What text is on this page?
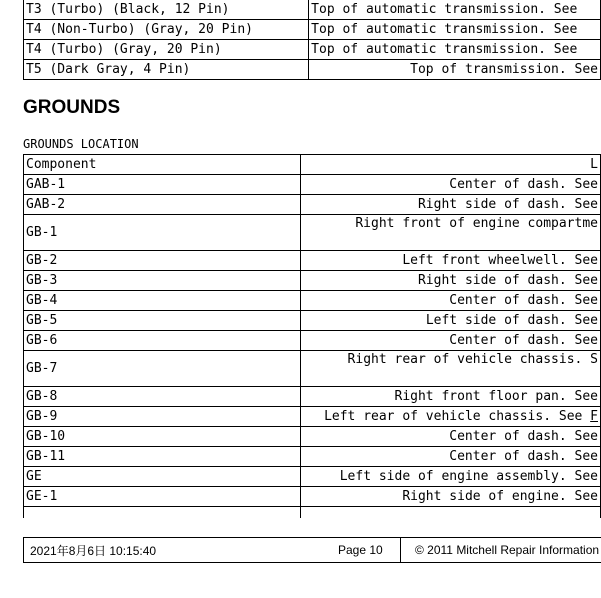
T3 (Turbo) (Black, 12 Pin)	Top of automatic transmission. See
T4 (Non-Turbo) (Gray, 20 Pin)	Top of automatic transmission. See
T4 (Turbo) (Gray, 20 Pin)	Top of automatic transmission. See
T5 (Dark Gray, 4 Pin)	Top of transmission. See
GROUNDS
GROUNDS LOCATION
Component	L
GAB-1	Center of dash. See
GAB-2	Right side of dash. See
GB-1	Right front of engine compartme
GB-2	Left front wheelwell. See
GB-3	Right side of dash. See
GB-4	Center of dash. See
GB-5	Left side of dash. See
GB-6	Center of dash. See
GB-7	Right rear of vehicle chassis. S
GB-8	Right front floor pan. See
GB-9	Left rear of vehicle chassis. See F
GB-10	Center of dash. See
GB-11	Center of dash. See
GE	Left side of engine assembly. See
GE-1	Right side of engine. See

2021年8月6日 10:15:40	Page 10	© 2011 Mitchell Repair Information
